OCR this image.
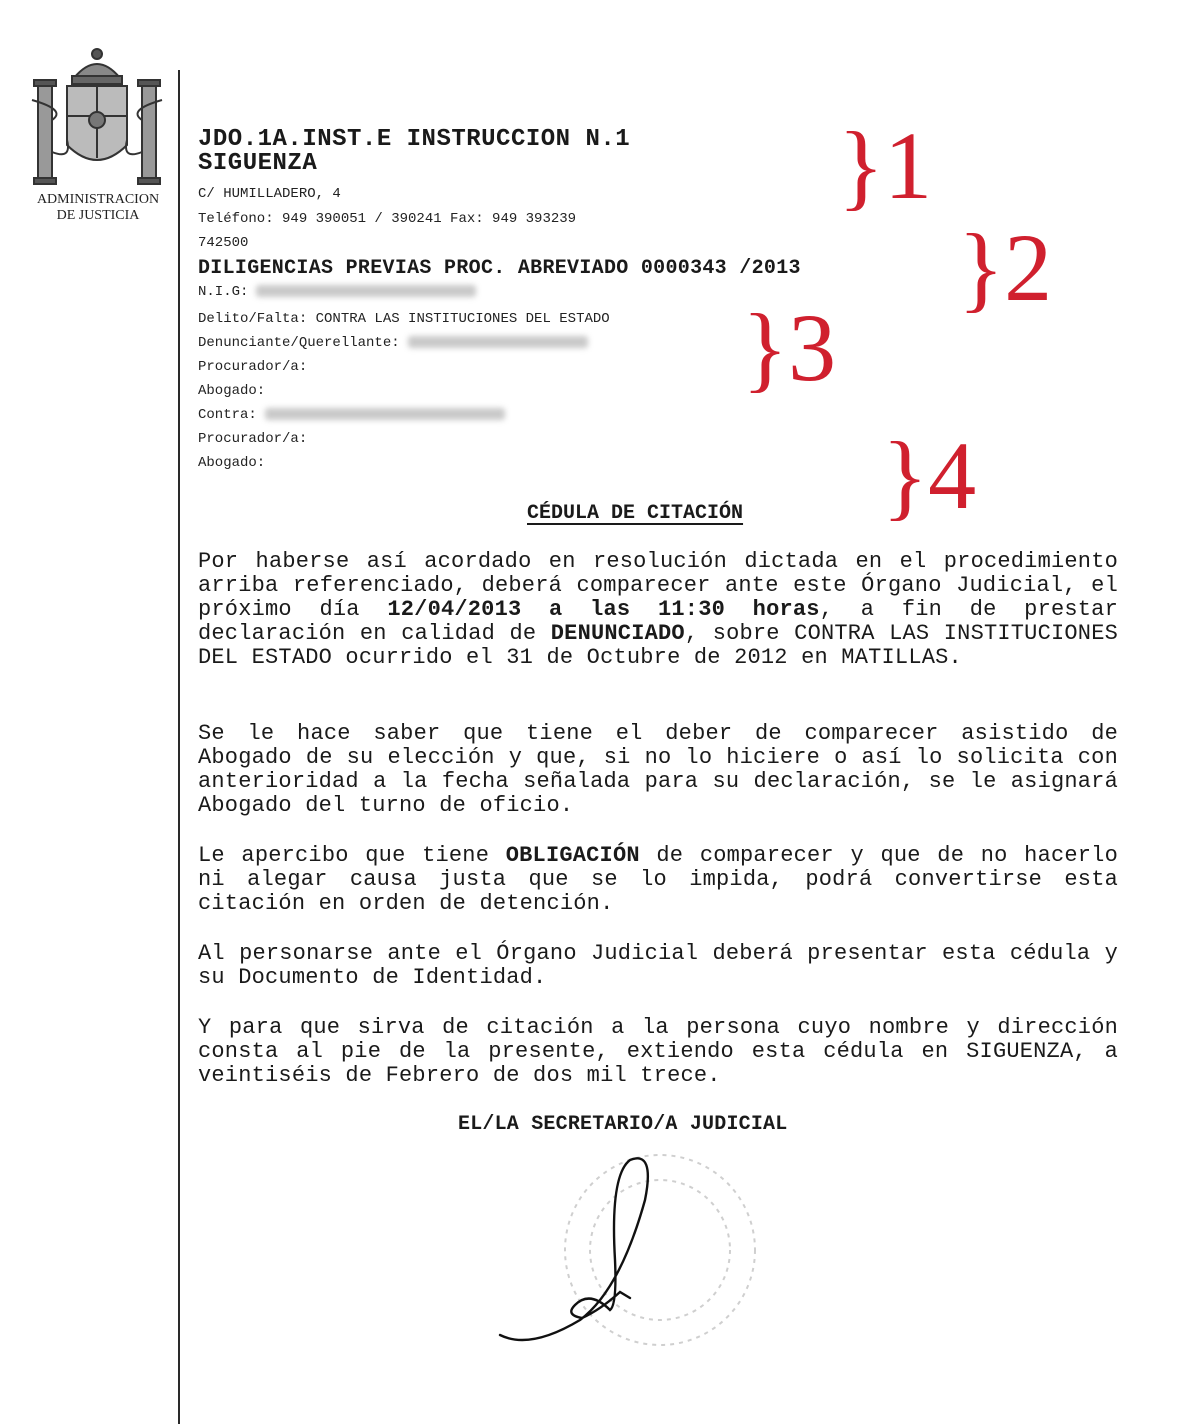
ADMINISTRACION
DE JUSTICIA
JDO.1A.INST.E INSTRUCCION N.1
SIGUENZA
C/ HUMILLADERO, 4
Teléfono: 949 390051 / 390241 Fax: 949 393239
742500
DILIGENCIAS PREVIAS PROC. ABREVIADO 0000343 /2013
N.I.G:
Delito/Falta: CONTRA LAS INSTITUCIONES DEL ESTADO
Denunciante/Querellante:
Procurador/a:
Abogado:
Contra:
Procurador/a:
Abogado:
}1
}2
}3
}4
CÉDULA DE CITACIÓN
Por haberse así acordado en resolución dictada en el procedimiento arriba referenciado, deberá comparecer ante este Órgano Judicial, el próximo día 12/04/2013 a las 11:30 horas, a fin de prestar declaración en calidad de DENUNCIADO, sobre CONTRA LAS INSTITUCIONES DEL ESTADO ocurrido el 31 de Octubre de 2012 en MATILLAS.
Se le hace saber que tiene el deber de comparecer asistido de Abogado de su elección y que, si no lo hiciere o así lo solicita con anterioridad a la fecha señalada para su declaración, se le asignará Abogado del turno de oficio.
Le apercibo que tiene OBLIGACIÓN de comparecer y que de no hacerlo ni alegar causa justa que se lo impida, podrá convertirse esta citación en orden de detención.
Al personarse ante el Órgano Judicial deberá presentar esta cédula y su Documento de Identidad.
Y para que sirva de citación a la persona cuyo nombre y dirección consta al pie de la presente, extiendo esta cédula en SIGUENZA, a veintiséis de Febrero de dos mil trece.
EL/LA SECRETARIO/A JUDICIAL
